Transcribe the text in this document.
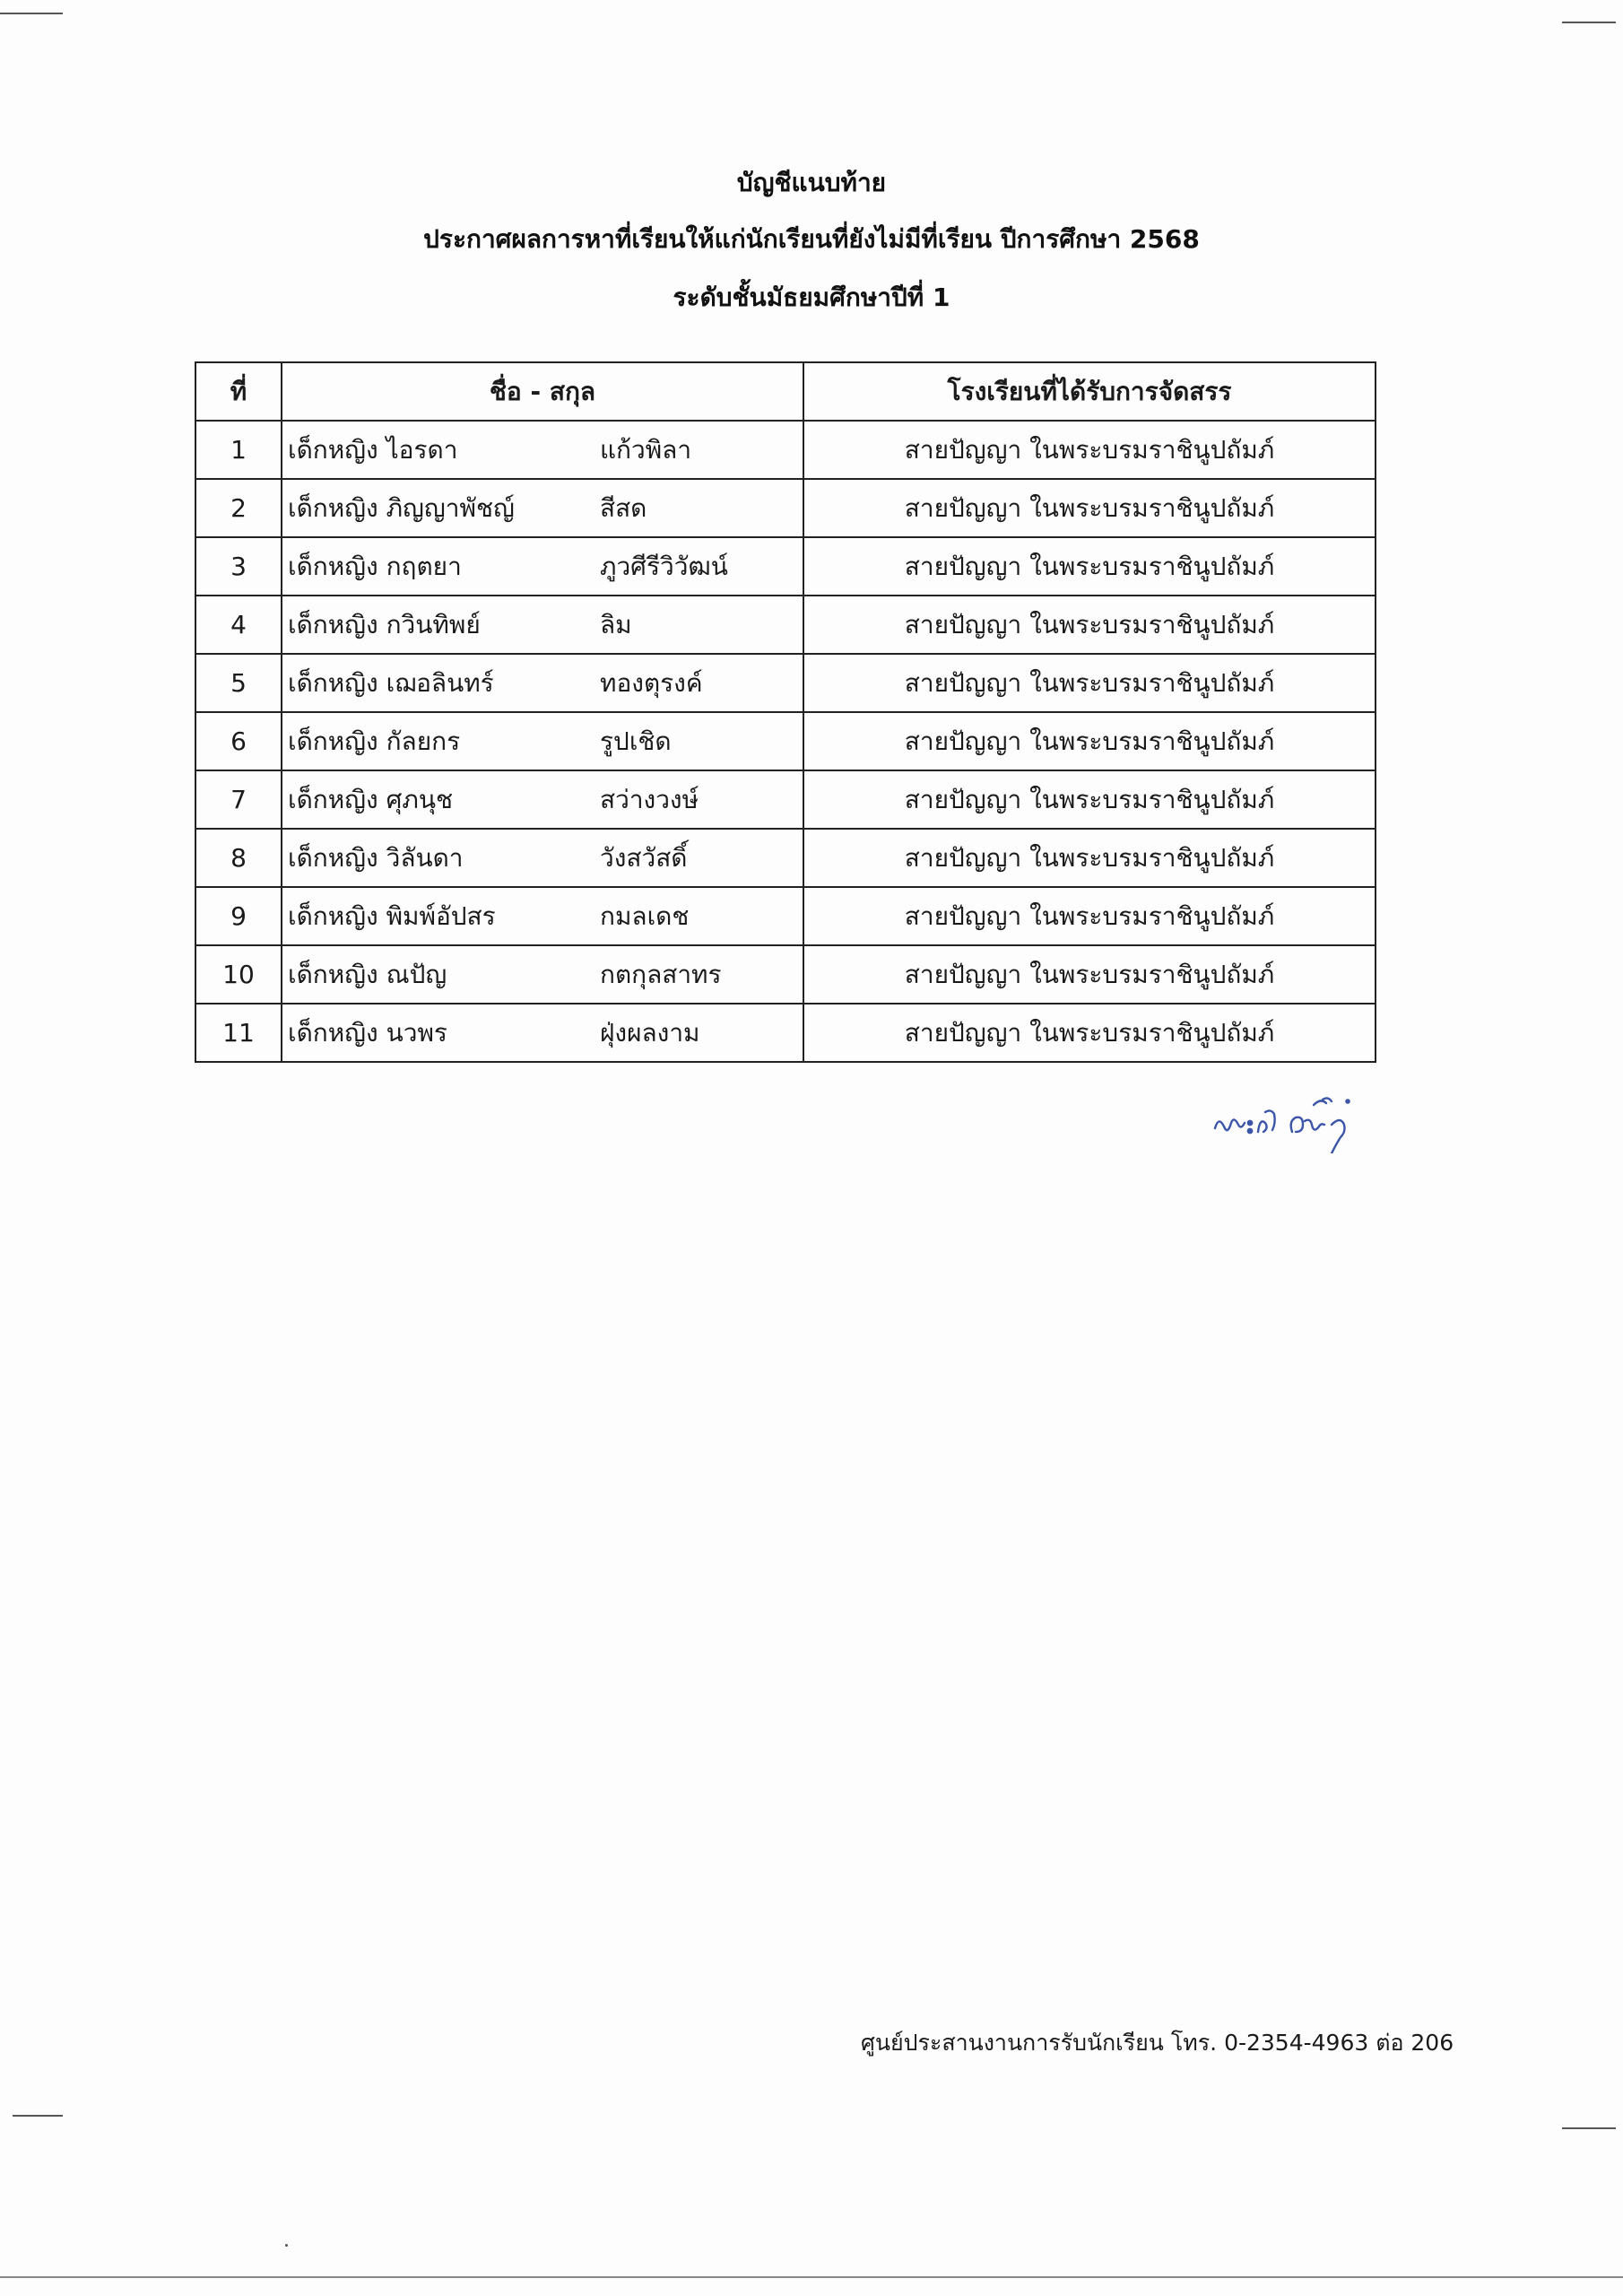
บัญชีแนบท้าย
ประกาศผลการหาที่เรียนให้แก่นักเรียนที่ยังไม่มีที่เรียน ปีการศึกษา 2568
ระดับชั้นมัธยมศึกษาปีที่ 1
ที่	ชื่อ - สกุล	โรงเรียนที่ได้รับการจัดสรร
1	เด็กหญิง ไอรดา แก้วพิลา	สายปัญญา ในพระบรมราชินูปถัมภ์
2	เด็กหญิง ภิญญาพัชญ์ สีสด	สายปัญญา ในพระบรมราชินูปถัมภ์
3	เด็กหญิง กฤตยา ภูวศีรีวิวัฒน์	สายปัญญา ในพระบรมราชินูปถัมภ์
4	เด็กหญิง กวินทิพย์ ลิม	สายปัญญา ในพระบรมราชินูปถัมภ์
5	เด็กหญิง เฌอลินทร์ ทองตุรงค์	สายปัญญา ในพระบรมราชินูปถัมภ์
6	เด็กหญิง กัลยกร รูปเชิด	สายปัญญา ในพระบรมราชินูปถัมภ์
7	เด็กหญิง ศุภนุช สว่างวงษ์	สายปัญญา ในพระบรมราชินูปถัมภ์
8	เด็กหญิง วิลันดา วังสวัสดิ์	สายปัญญา ในพระบรมราชินูปถัมภ์
9	เด็กหญิง พิมพ์อัปสร กมลเดช	สายปัญญา ในพระบรมราชินูปถัมภ์
10	เด็กหญิง ณปัญ กตกุลสาทร	สายปัญญา ในพระบรมราชินูปถัมภ์
11	เด็กหญิง นวพร ฝุ่งผลงาม	สายปัญญา ในพระบรมราชินูปถัมภ์
ศูนย์ประสานงานการรับนักเรียน โทร. 0-2354-4963 ต่อ 206
